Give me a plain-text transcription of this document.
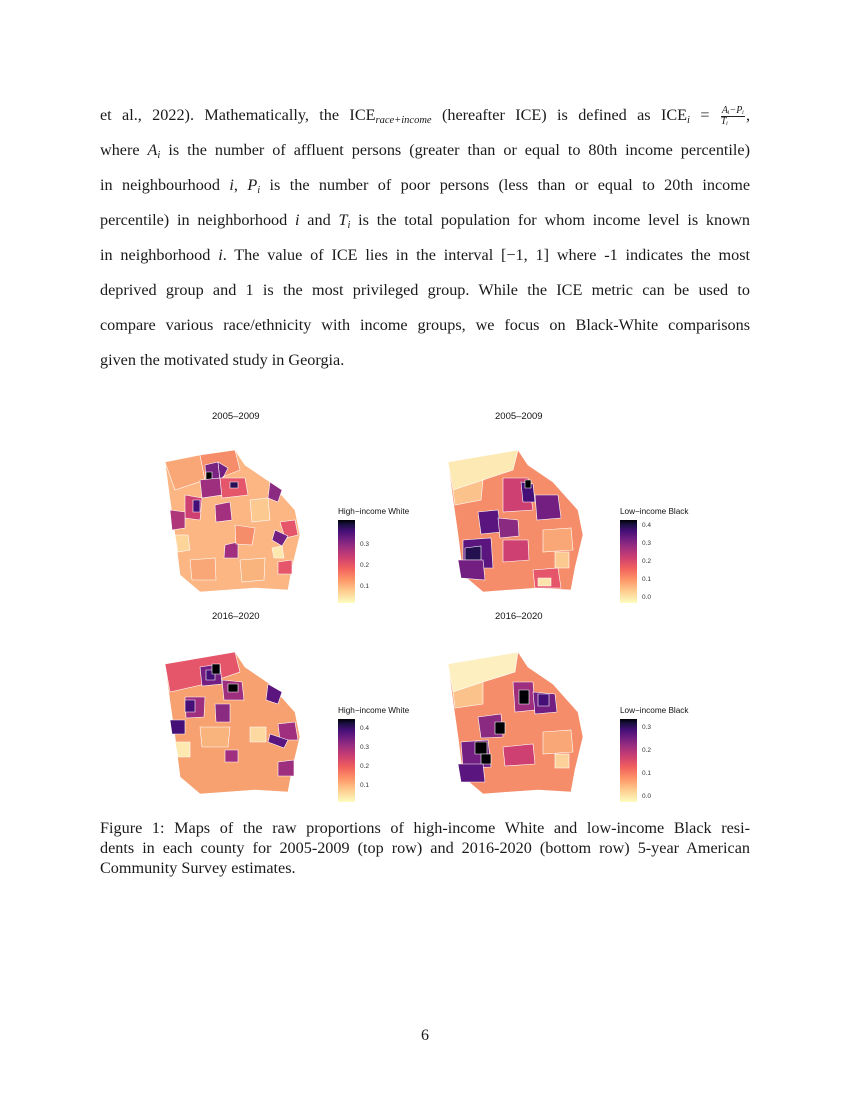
et al., 2022). Mathematically, the $ICE_{race+income}$ (hereafter ICE) is defined as $ICE_i = \frac{\text{Aᵢ−Pᵢ}}{\text{Tᵢ}}$ ,
where $A_i$ is the number of affluent persons (greater than or equal to 80th income percentile)
in neighbourhood i, $P_i$ is the number of poor persons (less than or equal to 20th income
percentile) in neighborhood i and $T_i$ is the total population for whom income level is known
in neighborhood i. The value of ICE lies in the interval [−1, 1] where -1 indicates the most
deprived group and 1 is the most privileged group. While the ICE metric can be used to
compare various race/ethnicity with income groups, we focus on Black-White comparisons
given the motivated study in Georgia.
2005–2009
High−income White
0.3
0.2
0.1
2005–2009
Low−income Black
0.4
0.3
0.2
0.1
0.0
2016–2020
High−income White
0.4
0.3
0.2
0.1
2016–2020
Low−income Black
0.3
0.2
0.1
0.0
Figure 1: Maps of the raw proportions of high-income White and low-income Black resi-
dents in each county for 2005-2009 (top row) and 2016-2020 (bottom row) 5-year American
Community Survey estimates.
6
